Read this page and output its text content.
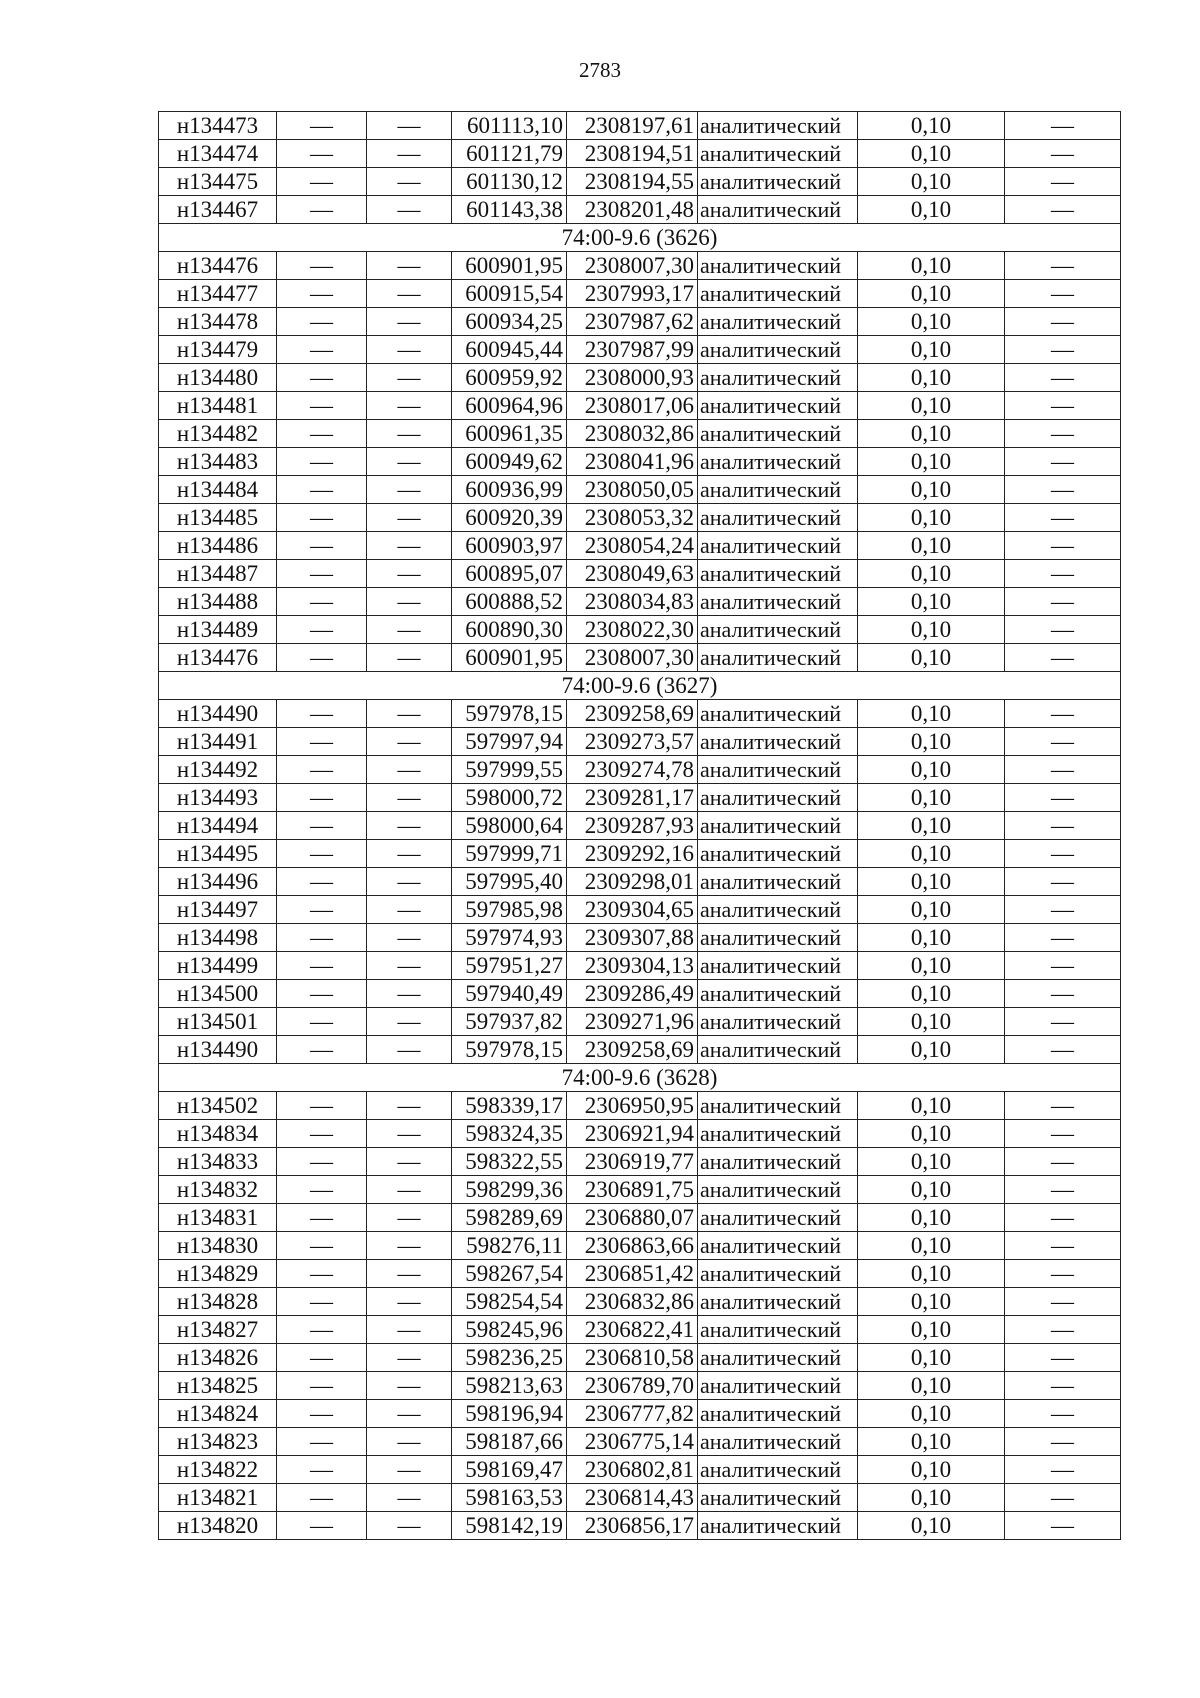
2783
н134473	—	—	601113,10	2308197,61	аналитический	0,10	—
н134474	—	—	601121,79	2308194,51	аналитический	0,10	—
н134475	—	—	601130,12	2308194,55	аналитический	0,10	—
н134467	—	—	601143,38	2308201,48	аналитический	0,10	—
74:00-9.6 (3626)							
н134476	—	—	600901,95	2308007,30	аналитический	0,10	—
н134477	—	—	600915,54	2307993,17	аналитический	0,10	—
н134478	—	—	600934,25	2307987,62	аналитический	0,10	—
н134479	—	—	600945,44	2307987,99	аналитический	0,10	—
н134480	—	—	600959,92	2308000,93	аналитический	0,10	—
н134481	—	—	600964,96	2308017,06	аналитический	0,10	—
н134482	—	—	600961,35	2308032,86	аналитический	0,10	—
н134483	—	—	600949,62	2308041,96	аналитический	0,10	—
н134484	—	—	600936,99	2308050,05	аналитический	0,10	—
н134485	—	—	600920,39	2308053,32	аналитический	0,10	—
н134486	—	—	600903,97	2308054,24	аналитический	0,10	—
н134487	—	—	600895,07	2308049,63	аналитический	0,10	—
н134488	—	—	600888,52	2308034,83	аналитический	0,10	—
н134489	—	—	600890,30	2308022,30	аналитический	0,10	—
н134476	—	—	600901,95	2308007,30	аналитический	0,10	—
74:00-9.6 (3627)							
н134490	—	—	597978,15	2309258,69	аналитический	0,10	—
н134491	—	—	597997,94	2309273,57	аналитический	0,10	—
н134492	—	—	597999,55	2309274,78	аналитический	0,10	—
н134493	—	—	598000,72	2309281,17	аналитический	0,10	—
н134494	—	—	598000,64	2309287,93	аналитический	0,10	—
н134495	—	—	597999,71	2309292,16	аналитический	0,10	—
н134496	—	—	597995,40	2309298,01	аналитический	0,10	—
н134497	—	—	597985,98	2309304,65	аналитический	0,10	—
н134498	—	—	597974,93	2309307,88	аналитический	0,10	—
н134499	—	—	597951,27	2309304,13	аналитический	0,10	—
н134500	—	—	597940,49	2309286,49	аналитический	0,10	—
н134501	—	—	597937,82	2309271,96	аналитический	0,10	—
н134490	—	—	597978,15	2309258,69	аналитический	0,10	—
74:00-9.6 (3628)							
н134502	—	—	598339,17	2306950,95	аналитический	0,10	—
н134834	—	—	598324,35	2306921,94	аналитический	0,10	—
н134833	—	—	598322,55	2306919,77	аналитический	0,10	—
н134832	—	—	598299,36	2306891,75	аналитический	0,10	—
н134831	—	—	598289,69	2306880,07	аналитический	0,10	—
н134830	—	—	598276,11	2306863,66	аналитический	0,10	—
н134829	—	—	598267,54	2306851,42	аналитический	0,10	—
н134828	—	—	598254,54	2306832,86	аналитический	0,10	—
н134827	—	—	598245,96	2306822,41	аналитический	0,10	—
н134826	—	—	598236,25	2306810,58	аналитический	0,10	—
н134825	—	—	598213,63	2306789,70	аналитический	0,10	—
н134824	—	—	598196,94	2306777,82	аналитический	0,10	—
н134823	—	—	598187,66	2306775,14	аналитический	0,10	—
н134822	—	—	598169,47	2306802,81	аналитический	0,10	—
н134821	—	—	598163,53	2306814,43	аналитический	0,10	—
н134820	—	—	598142,19	2306856,17	аналитический	0,10	—
